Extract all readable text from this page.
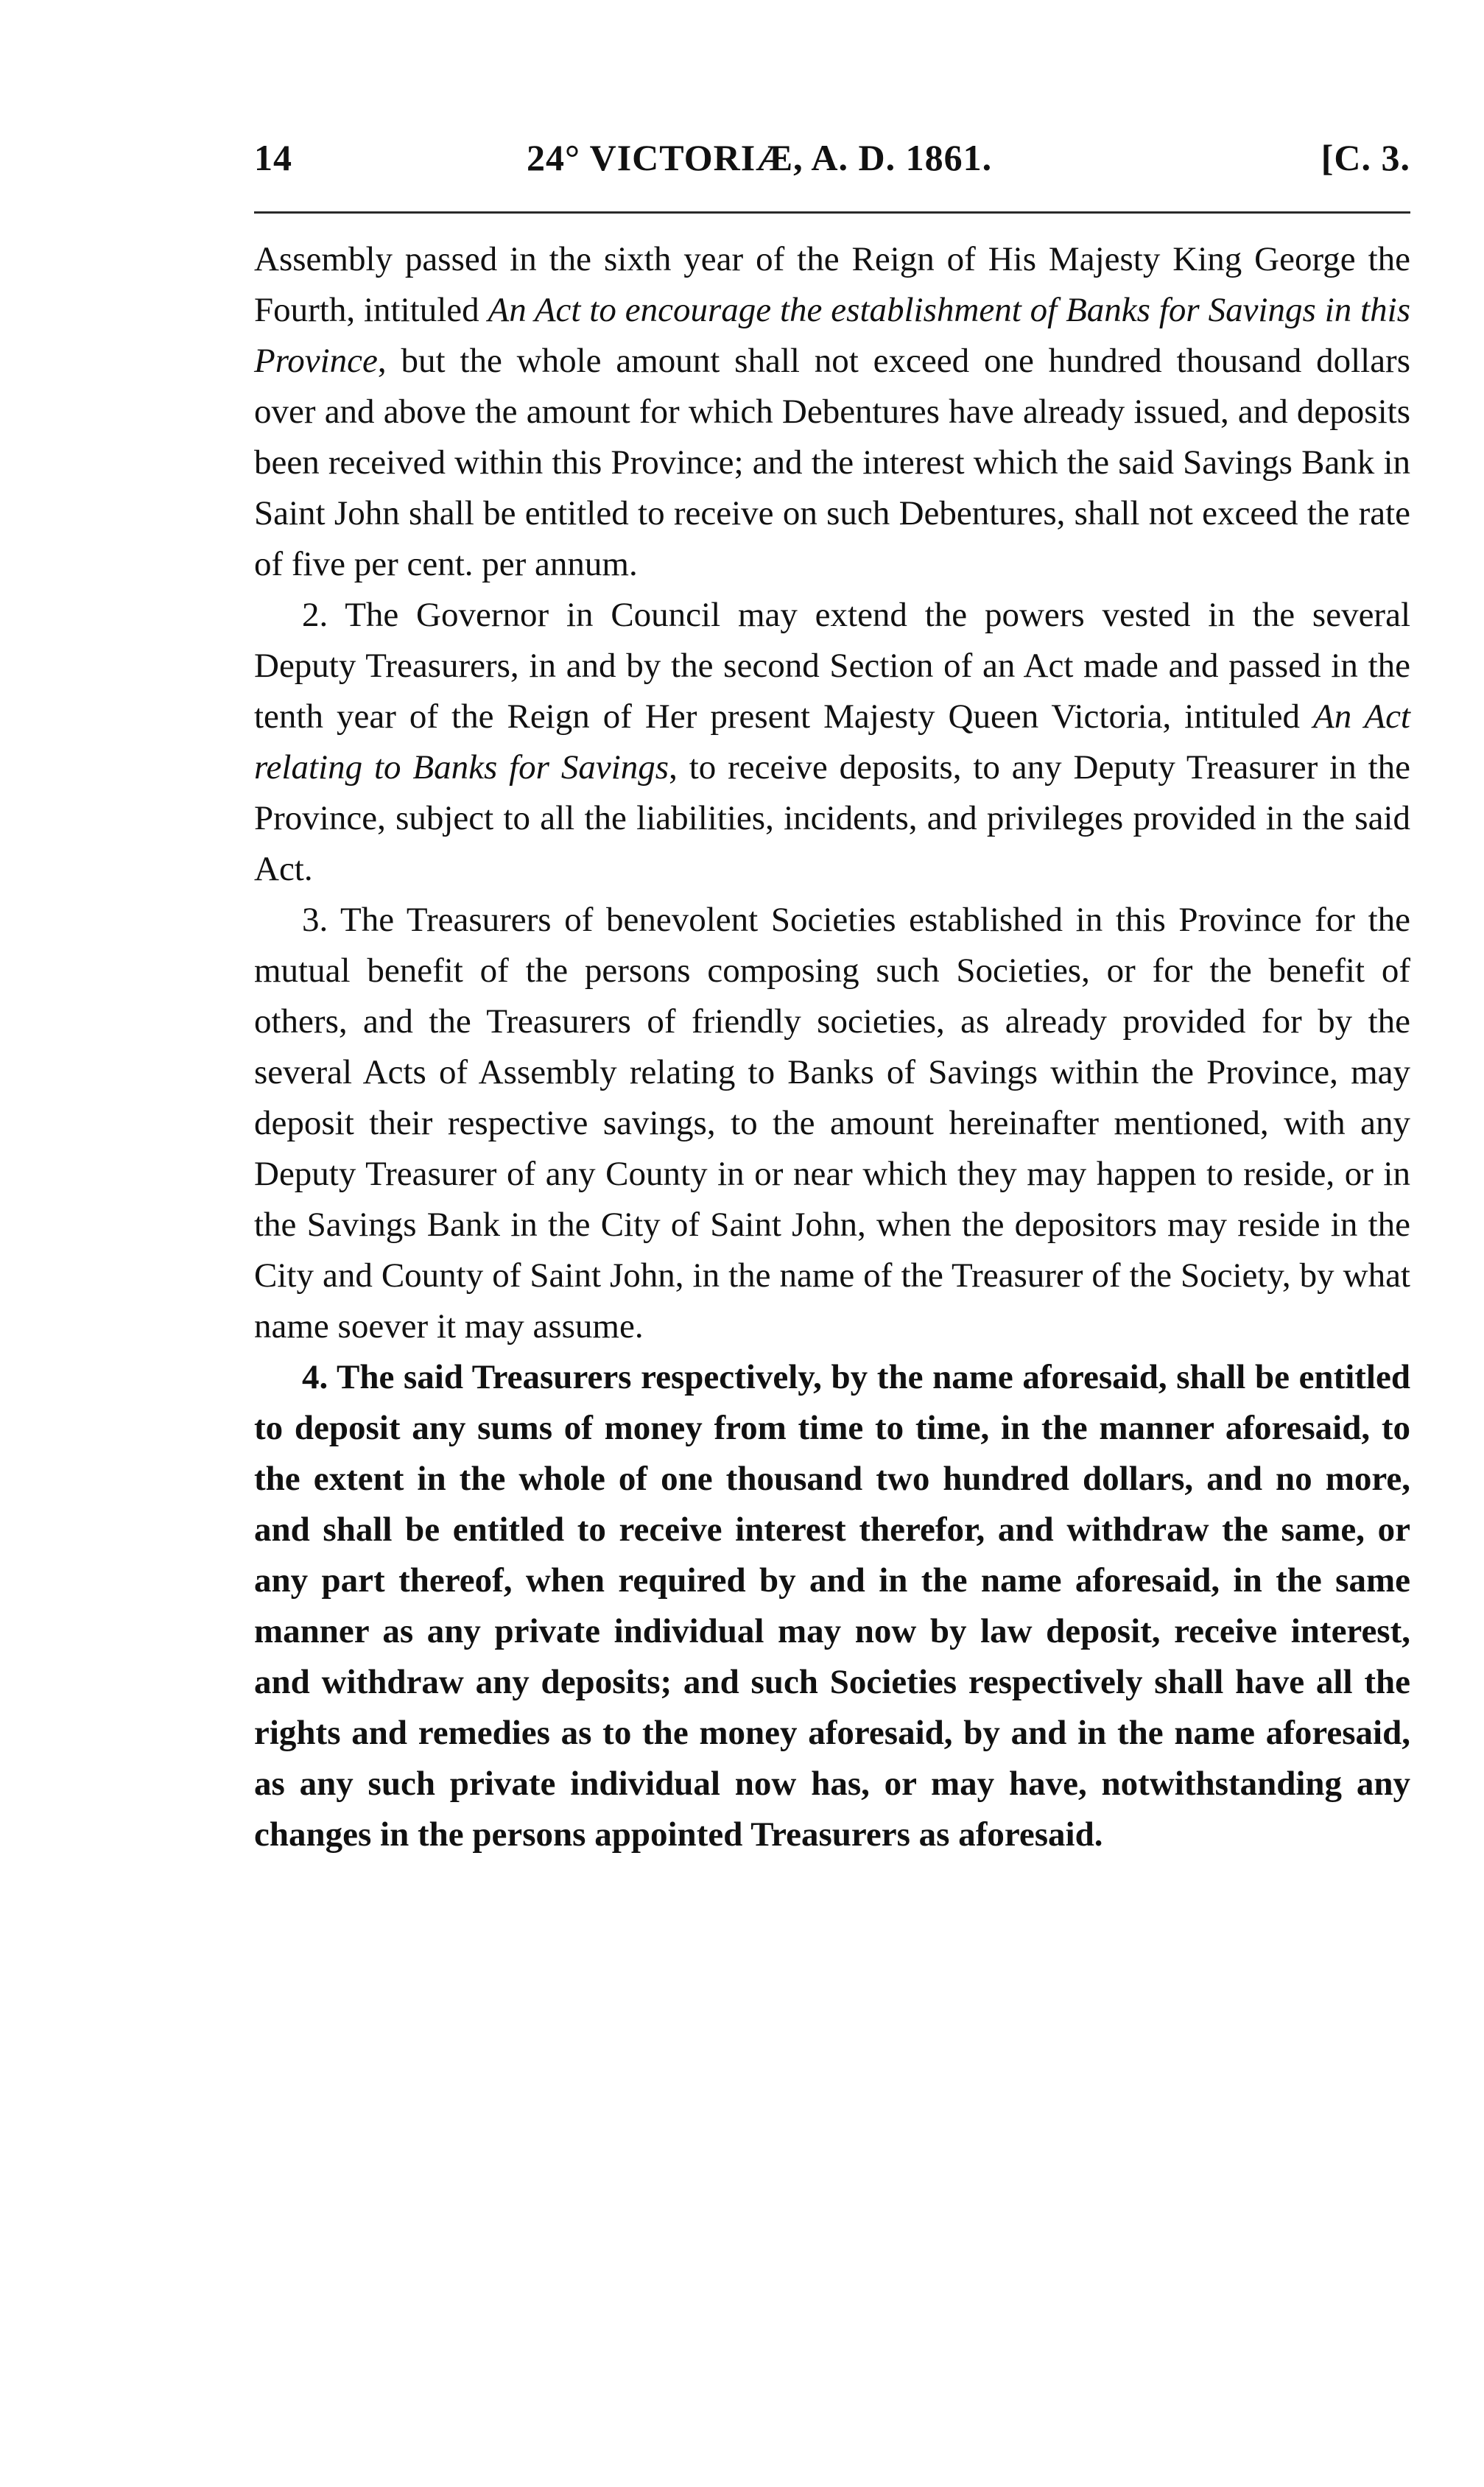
14	24° VICTORIÆ, A. D. 1861.	[C. 3.

Assembly passed in the sixth year of the Reign of His Majesty King George the Fourth, intituled An Act to encourage the establishment of Banks for Savings in this Province, but the whole amount shall not exceed one hundred thousand dollars over and above the amount for which Debentures have already issued, and deposits been received within this Province; and the interest which the said Savings Bank in Saint John shall be entitled to receive on such Debentures, shall not exceed the rate of five per cent. per annum.

2. The Governor in Council may extend the powers vested in the several Deputy Treasurers, in and by the second Section of an Act made and passed in the tenth year of the Reign of Her present Majesty Queen Victoria, intituled An Act relating to Banks for Savings, to receive deposits, to any Deputy Treasurer in the Province, subject to all the liabilities, incidents, and privileges provided in the said Act.

3. The Treasurers of benevolent Societies established in this Province for the mutual benefit of the persons composing such Societies, or for the benefit of others, and the Treasurers of friendly societies, as already provided for by the several Acts of Assembly relating to Banks of Savings within the Province, may deposit their respective savings, to the amount hereinafter mentioned, with any Deputy Treasurer of any County in or near which they may happen to reside, or in the Savings Bank in the City of Saint John, when the depositors may reside in the City and County of Saint John, in the name of the Treasurer of the Society, by what name soever it may assume.

4. The said Treasurers respectively, by the name aforesaid, shall be entitled to deposit any sums of money from time to time, in the manner aforesaid, to the extent in the whole of one thousand two hundred dollars, and no more, and shall be entitled to receive interest therefor, and withdraw the same, or any part thereof, when required by and in the name aforesaid, in the same manner as any private individual may now by law deposit, receive interest, and withdraw any deposits; and such Societies respectively shall have all the rights and remedies as to the money aforesaid, by and in the name aforesaid, as any such private individual now has, or may have, notwithstanding any changes in the persons appointed Treasurers as aforesaid.
